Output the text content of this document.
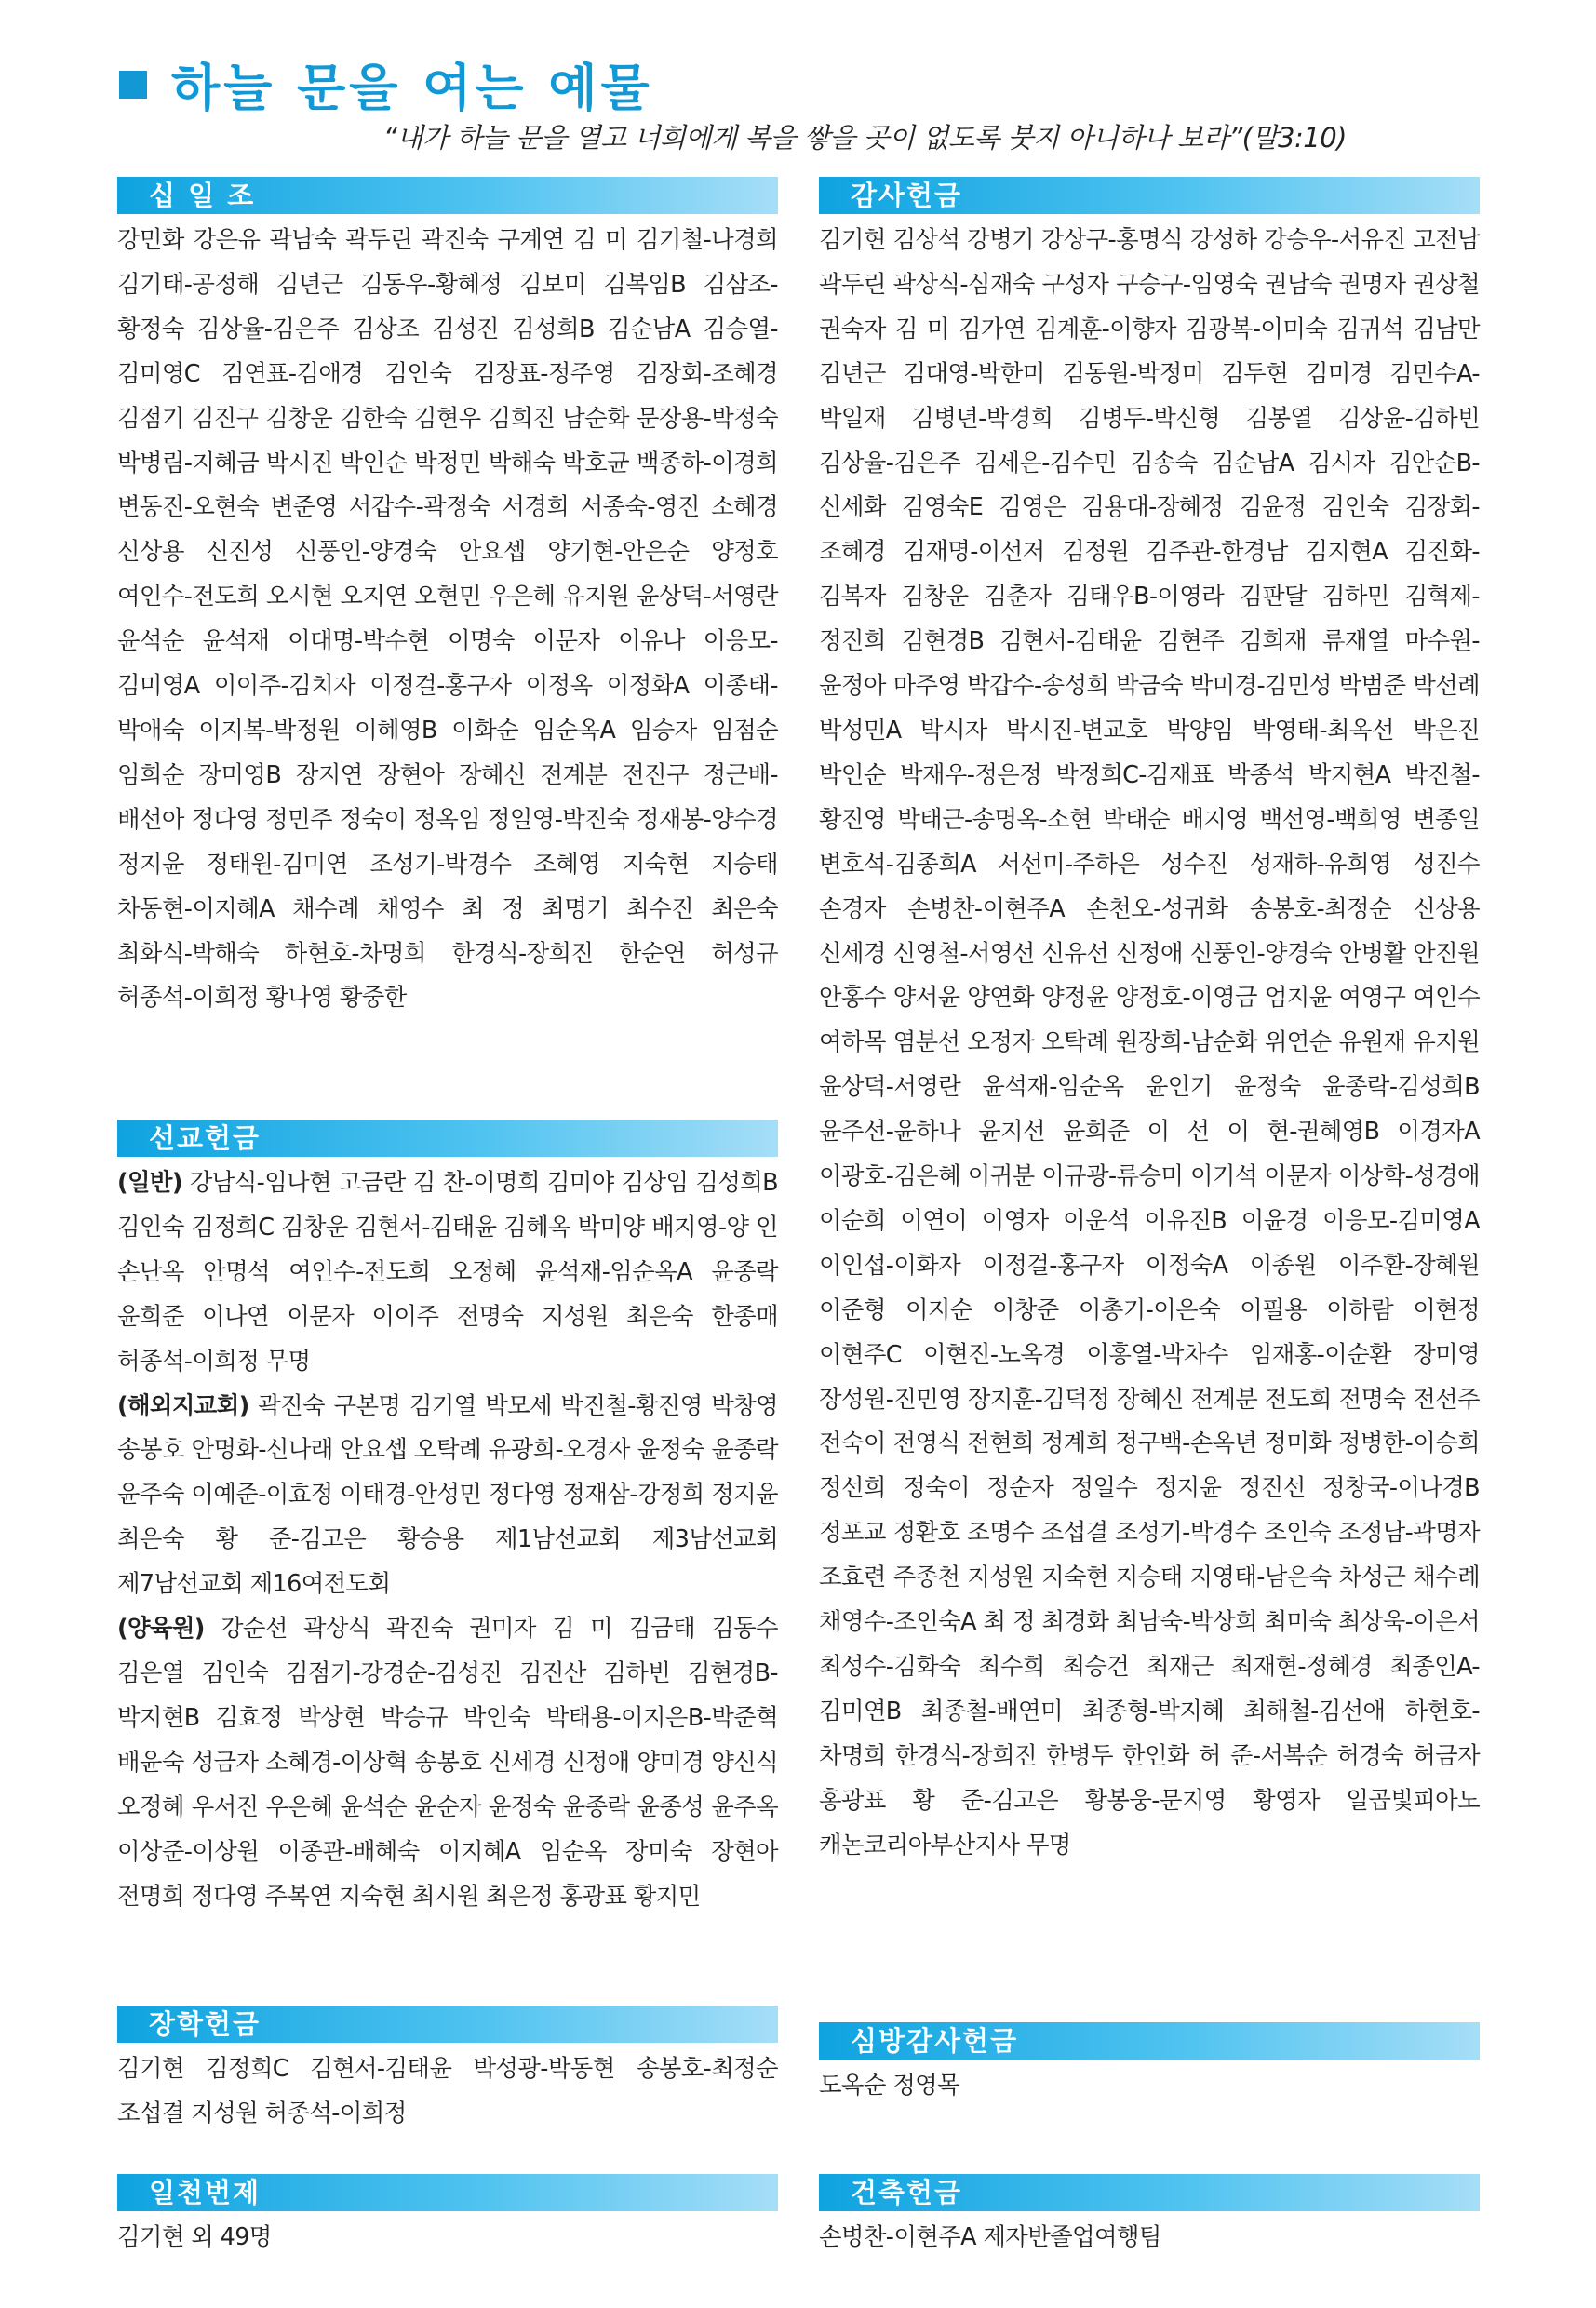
하늘 문을 여는 예물
“내가 하늘 문을 열고 너희에게 복을 쌓을 곳이 없도록 붓지 아니하나 보라”(말3:10)
십 일 조
강민화 강은유 곽남숙 곽두린 곽진숙 구계연 김 미 김기철-나경희 김기태-공정해 김년근 김동우-황혜정 김보미 김복임B 김삼조-황정숙 김상율-김은주 김상조 김성진 김성희B 김순남A 김승열-김미영C 김연표-김애경 김인숙 김장표-정주영 김장회-조혜경 김점기 김진구 김창운 김한숙 김현우 김희진 남순화 문장용-박정숙 박병림-지혜금 박시진 박인순 박정민 박해숙 박호균 백종하-이경희 변동진-오현숙 변준영 서갑수-곽정숙 서경희 서종숙-영진 소혜경 신상용 신진성 신풍인-양경숙 안요셉 양기현-안은순 양정호 여인수-전도희 오시현 오지연 오현민 우은혜 유지원 윤상덕-서영란 윤석순 윤석재 이대명-박수현 이명숙 이문자 이유나 이응모-김미영A 이이주-김치자 이정걸-홍구자 이정옥 이정화A 이종태-박애숙 이지복-박정원 이혜영B 이화순 임순옥A 임승자 임점순 임희순 장미영B 장지연 장현아 장혜신 전계분 전진구 정근배-배선아 정다영 정민주 정숙이 정옥임 정일영-박진숙 정재봉-양수경 정지윤 정태원-김미연 조성기-박경수 조혜영 지숙현 지승태 차동현-이지혜A 채수례 채영수 최 정 최명기 최수진 최은숙 최화식-박해숙 하현호-차명희 한경식-장희진 한순연 허성규 허종석-이희정 황나영 황중한
선교헌금

(일반) 강남식-임나현 고금란 김 찬-이명희 김미야 김상임 김성희B 김인숙 김정희C 김창운 김현서-김태윤 김혜옥 박미양 배지영-양 인 손난옥 안명석 여인수-전도희 오정혜 윤석재-임순옥A 윤종락 윤희준 이나연 이문자 이이주 전명숙 지성원 최은숙 한종매 허종석-이희정 무명

(해외지교회) 곽진숙 구본명 김기열 박모세 박진철-황진영 박창영 송봉호 안명화-신나래 안요셉 오탁례 유광희-오경자 윤정숙 윤종락 윤주숙 이예준-이효정 이태경-안성민 정다영 정재삼-강정희 정지윤 최은숙 황 준-김고은 황승용 제1남선교회 제3남선교회 제7남선교회 제16여전도회

(양육원) 강순선 곽상식 곽진숙 권미자 김 미 김금태 김동수 김은열 김인숙 김점기-강경순-김성진 김진산 김하빈 김현경B-박지현B 김효정 박상현 박승규 박인숙 박태용-이지은B-박준혁 배윤숙 성금자 소혜경-이상혁 송봉호 신세경 신정애 양미경 양신식 오정혜 우서진 우은혜 윤석순 윤순자 윤정숙 윤종락 윤종성 윤주옥 이상준-이상원 이종관-배혜숙 이지혜A 임순옥 장미숙 장현아 전명희 정다영 주복연 지숙현 최시원 최은정 홍광표 황지민

장학헌금
김기현 김정희C 김현서-김태윤 박성광-박동현 송봉호-최정순 조섭결 지성원 허종석-이희정
일천번제
김기현 외 49명
감사헌금
김기현 김상석 강병기 강상구-홍명식 강성하 강승우-서유진 고전남 곽두린 곽상식-심재숙 구성자 구승구-임영숙 권남숙 권명자 권상철 권숙자 김 미 김가연 김계훈-이향자 김광복-이미숙 김귀석 김남만 김년근 김대영-박한미 김동원-박정미 김두현 김미경 김민수A-박일재 김병년-박경희 김병두-박신형 김봉열 김상윤-김하빈 김상율-김은주 김세은-김수민 김송숙 김순남A 김시자 김안순B-신세화 김영숙E 김영은 김용대-장혜정 김윤정 김인숙 김장회-조혜경 김재명-이선저 김정원 김주관-한경남 김지현A 김진화-김복자 김창운 김춘자 김태우B-이영라 김판달 김하민 김혁제-정진희 김현경B 김현서-김태윤 김현주 김희재 류재열 마수원-윤정아 마주영 박갑수-송성희 박금숙 박미경-김민성 박범준 박선례 박성민A 박시자 박시진-변교호 박양임 박영태-최옥선 박은진 박인순 박재우-정은정 박정희C-김재표 박종석 박지현A 박진철-황진영 박태근-송명옥-소현 박태순 배지영 백선영-백희영 변종일 변호석-김종희A 서선미-주하은 성수진 성재하-유희영 성진수 손경자 손병찬-이현주A 손천오-성귀화 송봉호-최정순 신상용 신세경 신영철-서영선 신유선 신정애 신풍인-양경숙 안병활 안진원 안홍수 양서윤 양연화 양정윤 양정호-이영금 엄지윤 여영구 여인수 여하목 염분선 오정자 오탁례 원장희-남순화 위연순 유원재 유지원 윤상덕-서영란 윤석재-임순옥 윤인기 윤정숙 윤종락-김성희B 윤주선-윤하나 윤지선 윤희준 이 선 이 현-권혜영B 이경자A 이광호-김은혜 이귀분 이규광-류승미 이기석 이문자 이상학-성경애 이순희 이연이 이영자 이운석 이유진B 이윤경 이응모-김미영A 이인섭-이화자 이정걸-홍구자 이정숙A 이종원 이주환-장혜원 이준형 이지순 이창준 이총기-이은숙 이필용 이하람 이현정 이현주C 이현진-노옥경 이홍열-박차수 임재홍-이순환 장미영 장성원-진민영 장지훈-김덕정 장혜신 전계분 전도희 전명숙 전선주 전숙이 전영식 전현희 정계희 정구백-손옥년 정미화 정병한-이승희 정선희 정숙이 정순자 정일수 정지윤 정진선 정창국-이나경B 정포교 정환호 조명수 조섭결 조성기-박경수 조인숙 조정남-곽명자 조효련 주종천 지성원 지숙현 지승태 지영태-남은숙 차성근 채수례 채영수-조인숙A 최 정 최경화 최남숙-박상희 최미숙 최상욱-이은서 최성수-김화숙 최수희 최승건 최재근 최재현-정혜경 최종인A-김미연B 최종철-배연미 최종형-박지혜 최해철-김선애 하현호-차명희 한경식-장희진 한병두 한인화 허 준-서복순 허경숙 허금자 홍광표 황 준-김고은 황봉웅-문지영 황영자 일곱빛피아노 캐논코리아부산지사 무명
심방감사헌금
도옥순 정영목
건축헌금
손병찬-이현주A 제자반졸업여행팀
